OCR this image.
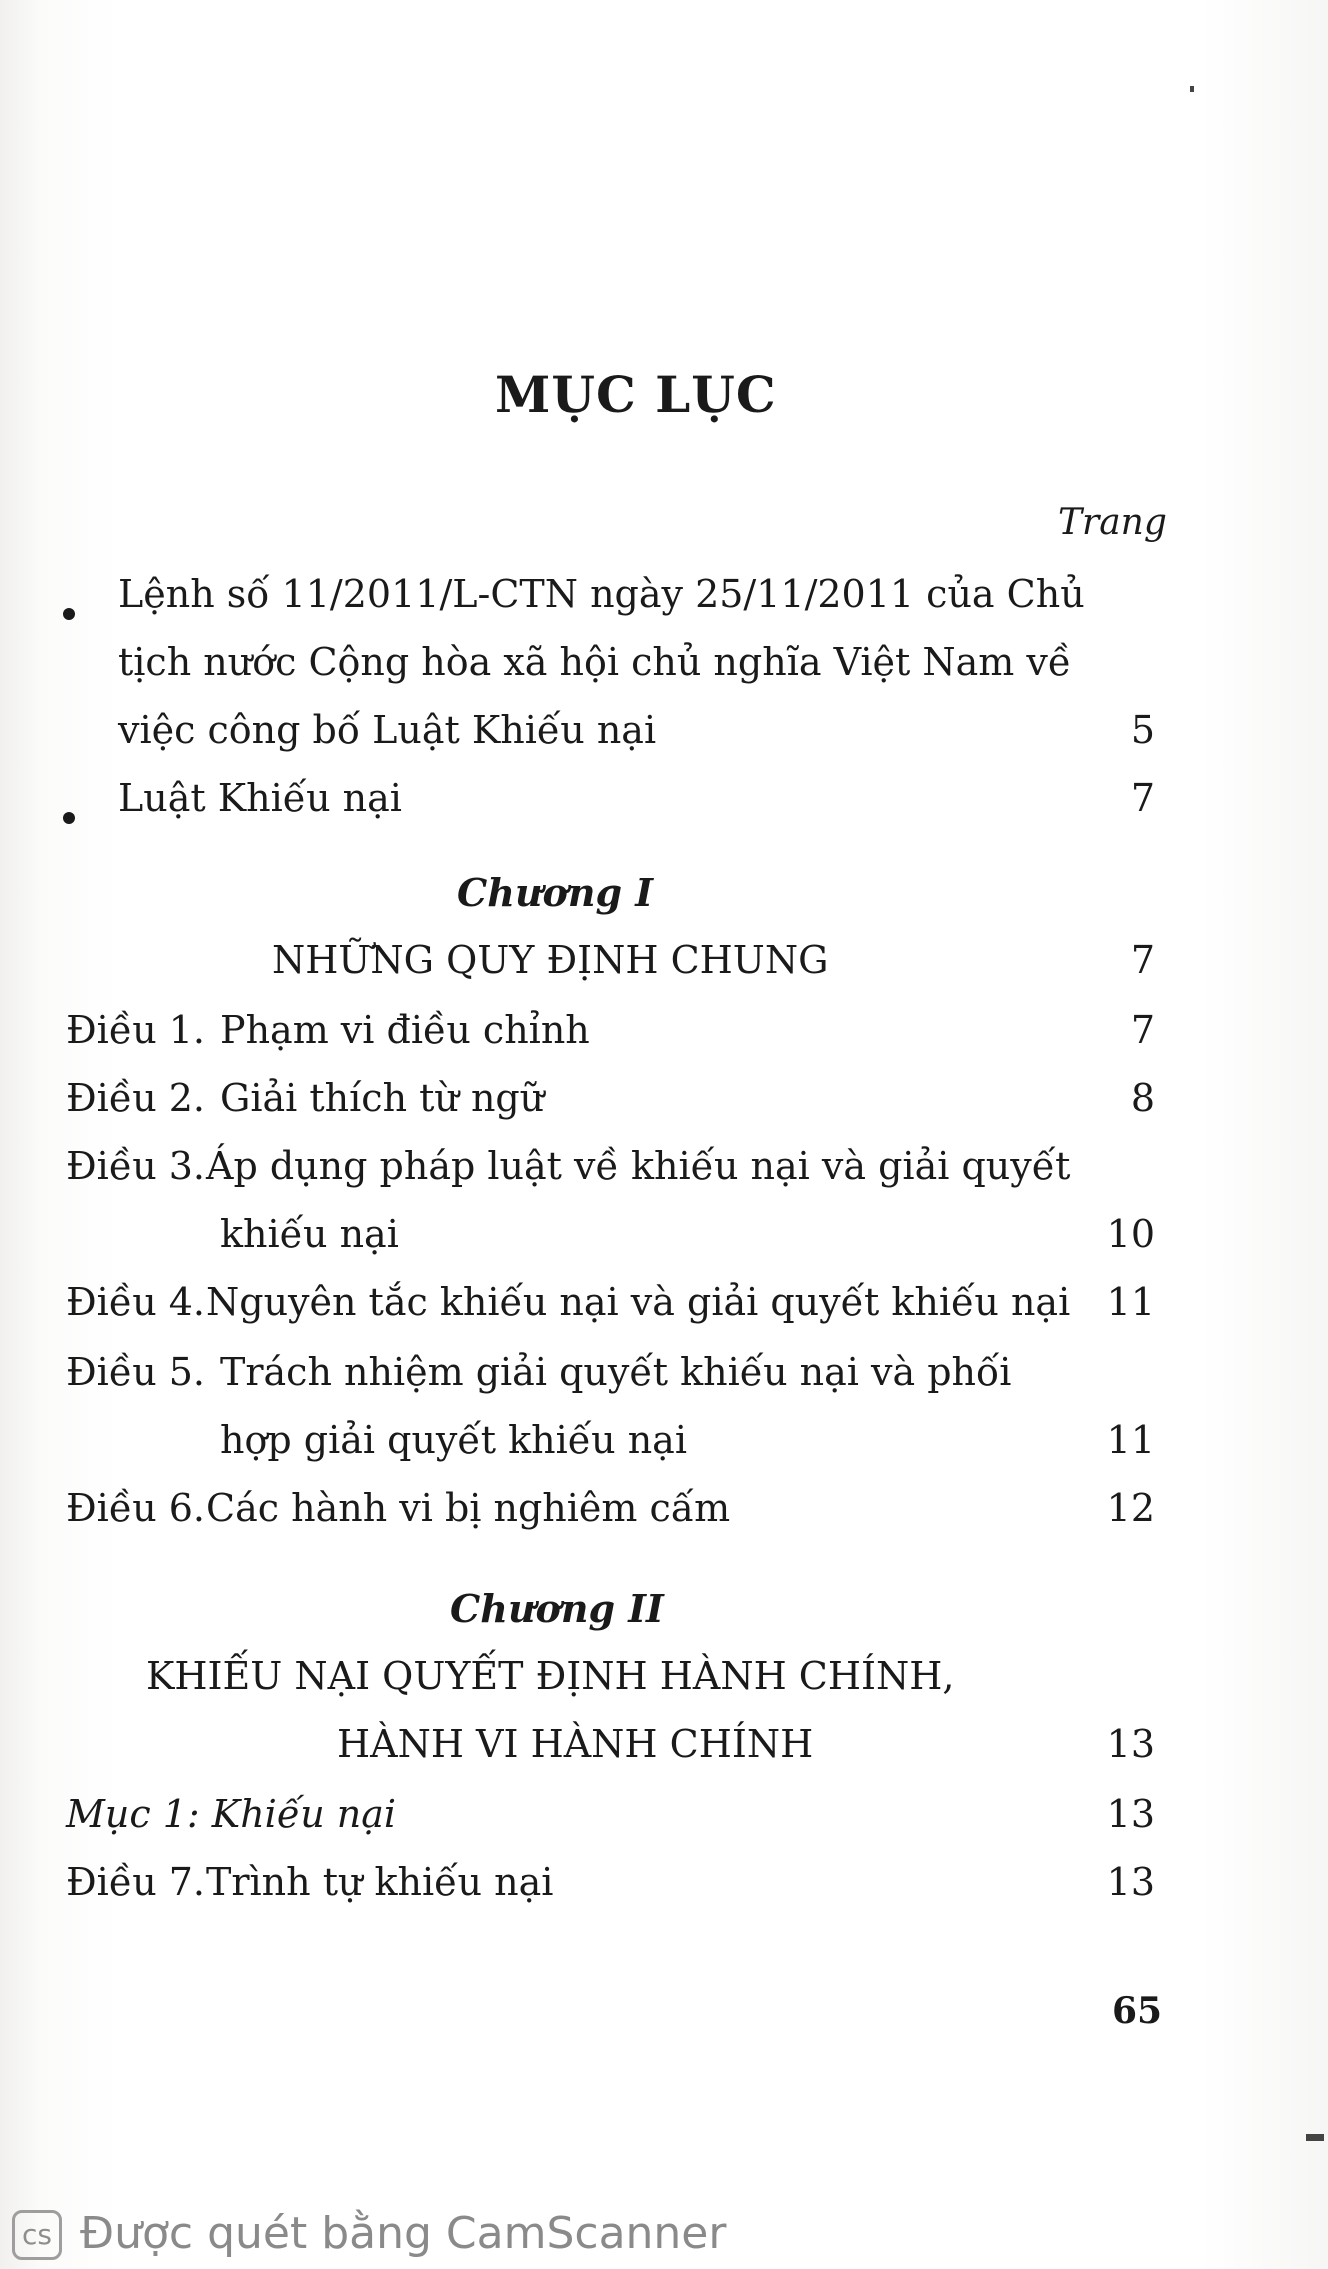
MỤC LỤC
Trang
Lệnh số 11/2011/L-CTN ngày 25/11/2011 của Chủ
tịch nước Cộng hòa xã hội chủ nghĩa Việt Nam về
việc công bố Luật Khiếu nại	5
Luật Khiếu nại	7
Chương I
NHỮNG QUY ĐỊNH CHUNG	7
Điều 1. Phạm vi điều chỉnh	7
Điều 2. Giải thích từ ngữ	8
Điều 3. Áp dụng pháp luật về khiếu nại và giải quyết
khiếu nại	10
Điều 4. Nguyên tắc khiếu nại và giải quyết khiếu nại 11
Điều 5. Trách nhiệm giải quyết khiếu nại và phối
hợp giải quyết khiếu nại	11
Điều 6. Các hành vi bị nghiêm cấm	12
Chương II
KHIẾU NẠI QUYẾT ĐỊNH HÀNH CHÍNH,
HÀNH VI HÀNH CHÍNH	13
Mục 1: Khiếu nại	13
Điều 7. Trình tự khiếu nại	13
65
cs Được quét bằng CamScanner
